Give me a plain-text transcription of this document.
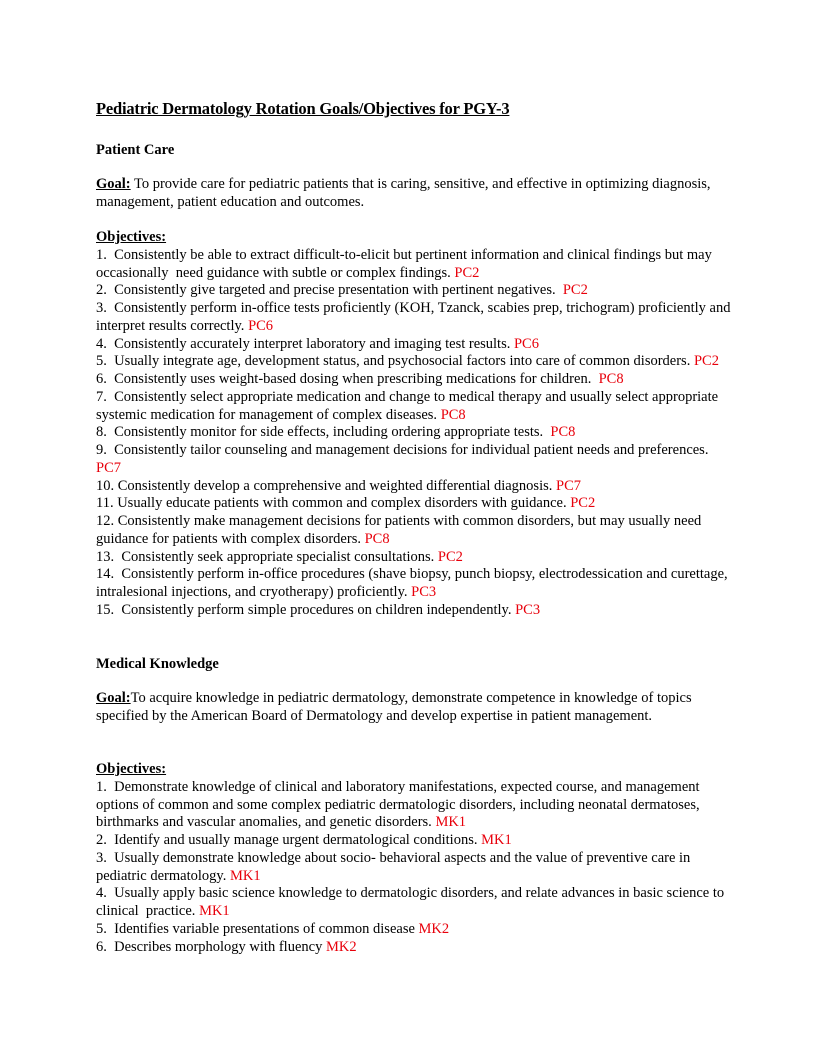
Pediatric Dermatology Rotation Goals/Objectives for PGY-3
Patient Care
Goal: To provide care for pediatric patients that is caring, sensitive, and effective in optimizing diagnosis, management, patient education and outcomes.
Objectives:
1.  Consistently be able to extract difficult-to-elicit but pertinent information and clinical findings but may occasionally  need guidance with subtle or complex findings. PC2
2.  Consistently give targeted and precise presentation with pertinent negatives.  PC2
3.  Consistently perform in-office tests proficiently (KOH, Tzanck, scabies prep, trichogram) proficiently and interpret results correctly. PC6
4.  Consistently accurately interpret laboratory and imaging test results. PC6
5.  Usually integrate age, development status, and psychosocial factors into care of common disorders. PC2
6.  Consistently uses weight-based dosing when prescribing medications for children.  PC8
7.  Consistently select appropriate medication and change to medical therapy and usually select appropriate systemic medication for management of complex diseases. PC8
8.  Consistently monitor for side effects, including ordering appropriate tests.  PC8
9.  Consistently tailor counseling and management decisions for individual patient needs and preferences. PC7
10. Consistently develop a comprehensive and weighted differential diagnosis. PC7
11. Usually educate patients with common and complex disorders with guidance. PC2
12. Consistently make management decisions for patients with common disorders, but may usually need guidance for patients with complex disorders. PC8
13.  Consistently seek appropriate specialist consultations. PC2
14.  Consistently perform in-office procedures (shave biopsy, punch biopsy, electrodessication and curettage, intralesional injections, and cryotherapy) proficiently. PC3
15.  Consistently perform simple procedures on children independently. PC3
Medical Knowledge
Goal:To acquire knowledge in pediatric dermatology, demonstrate competence in knowledge of topics specified by the American Board of Dermatology and develop expertise in patient management.
Objectives:
1.  Demonstrate knowledge of clinical and laboratory manifestations, expected course, and management options of common and some complex pediatric dermatologic disorders, including neonatal dermatoses, birthmarks and vascular anomalies, and genetic disorders. MK1
2.  Identify and usually manage urgent dermatological conditions. MK1
3.  Usually demonstrate knowledge about socio- behavioral aspects and the value of preventive care in pediatric dermatology. MK1
4.  Usually apply basic science knowledge to dermatologic disorders, and relate advances in basic science to clinical  practice. MK1
5.  Identifies variable presentations of common disease MK2
6.  Describes morphology with fluency MK2
